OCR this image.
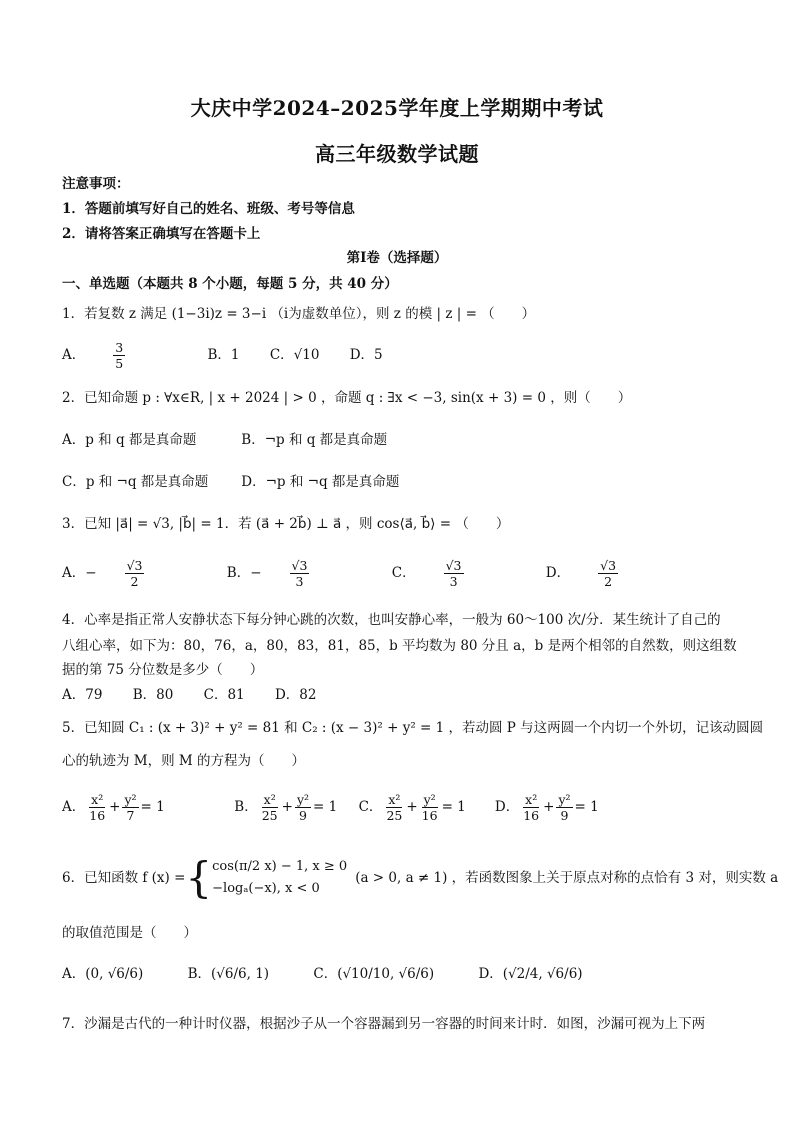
大庆中学2024–2025学年度上学期期中考试
高三年级数学试题
注意事项：
1．答题前填写好自己的姓名、班级、考号等信息
2．请将答案正确填写在答题卡上
第Ⅰ卷（选择题）
一、单选题（本题共 8 个小题，每题 5 分，共 40 分）
1．若复数 z 满足 (1−3i)z = 3−i （i为虚数单位），则 z 的模 | z | = （　　）
A． $\frac{3}{5}$	B．1 C．√10 D．5
2．已知命题 p : ∀x∈R, | x + 2024 | > 0 ，命题 q : ∃x < −3, sin(x + 3) = 0 ，则（　　）
A．p 和 q 都是真命题	B．¬p 和 q 都是真命题
C．p 和 ¬q 都是真命题 D．¬p 和 ¬q 都是真命题
3．已知 |a⃗| = √3, |b⃗| = 1．若 (a⃗ + 2b⃗) ⊥ a⃗ ，则 cos⟨a⃗, b⃗⟩ = （　　）
A．− $\frac{√3}{2}$	B．− $\frac{√3}{3}$	C． $\frac{√3}{3}$	D． $\frac{√3}{2}$
4．心率是指正常人安静状态下每分钟心跳的次数，也叫安静心率，一般为 60～100 次/分．某生统计了自己的
八组心率，如下为：80，76，a，80，83，81，85，b 平均数为 80 分且 a，b 是两个相邻的自然数，则这组数
据的第 75 分位数是多少（　　）
A．79 B．80 C．81 D．82
5．已知圆 C₁ : (x + 3)² + y² = 81 和 C₂ : (x − 3)² + y² = 1 ，若动圆 P 与这两圆一个内切一个外切，记该动圆圆
心的轨迹为 M，则 M 的方程为（　　）
A． $\frac{\text{x²}}{16} + \frac{\text{y²}}{7} = 1$	B． $\frac{\text{x²}}{25} + \frac{\text{y²}}{9} = 1$ C． $\frac{\text{x²}}{25} + \frac{\text{y²}}{16} = 1$ D． $\frac{\text{x²}}{16} + \frac{\text{y²}}{9} = 1$
6．已知函数 f (x) = { cos(π/2 x) − 1, x ≥ 0
−logₐ(−x), x < 0
(a > 0, a ≠ 1) ，若函数图象上关于原点对称的点恰有 3 对，则实数 a
的取值范围是（　　）
A．(0, √6/6)	B．(√6/6, 1)	C．(√10/10, √6/6)	D．(√2/4, √6/6)
7．沙漏是古代的一种计时仪器，根据沙子从一个容器漏到另一容器的时间来计时．如图，沙漏可视为上下两
